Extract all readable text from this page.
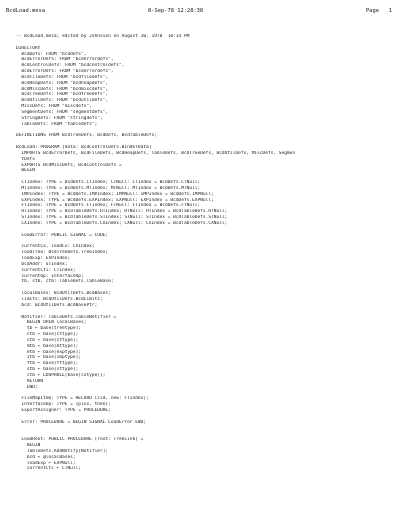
BcdLoad.mesa	8-Sep-78 12:28:38	Page 1
-- BcdLoad.mesa; edited by Johnsson on August 30, 1978  10:14 PM
DIRECTORY
BcdDefs: FROM "bcddefs",
BcdErrorDefs: FROM "bcderrordefs",
BcdControlDefs: FROM "bcdcontroldefs",
BcdErrorDefs: FROM "bcderrordefs",
BcdFileDefs: FROM "bcdfiledefs",
BcdHeapDefs: FROM "bcdheapdefs",
BcdMiscDefs: FROM "bcdmiscdefs",
BcdTreeDefs: FROM "bcdtreedefs",
BcdUtilDefs: FROM "bcdutildefs",
MiscDefs: FROM "miscdefs",
SegmentDefs: FROM "segmentdefs",
StringDefs: FROM "stringdefs",
TableDefs: FROM "tabledefs";
DEFINITIONS FROM BcdTreeDefs, BcdDefs, BcdTableDefs;
BcdLoad: PROGRAM [data: BcdControlDefs.BinderData]
IMPORTS BcdErrorDefs, BcdFileDefs, BcdHeapDefs, TableDefs, BcdTreeDefs, BcdUtilDefs, MiscDefs, Segmen
tDefs
EXPORTS BcdMiscDefs, BcdControlDefs =
BEGIN
CTIndex: TYPE = BcdDefs.CTIndex; CTNull: CTIndex = BcdDefs.CTNull;
MTIndex: TYPE = BcdDefs.MTIndex; MTNull: MTIndex = BcdDefs.MTNull;
IMPIndex: TYPE = BcdDefs.IMPIndex; IMPNull: IMPIndex = BcdDefs.IMPNull;
EXPIndex: TYPE = BcdDefs.EXPIndex; EXPNull: EXPIndex = BcdDefs.EXPNull;
FTIndex: TYPE = BcdDefs.FTIndex; FTNull: FTIndex = BcdDefs.FTNull;
HTIndex: TYPE = BcdTableDefs.HTIndex; HTNull: HTIndex = BcdTableDefs.HTNull;
STIndex: TYPE = BcdTableDefs.STIndex; STNull: STIndex = BcdTableDefs.STNull;
CXIndex: TYPE = BcdTableDefs.CXIndex; CXNull: CXIndex = BcdTableDefs.CXNull;
LoadError: PUBLIC SIGNAL = CODE;
currentCx, loadCx: CXIndex;
loadTree: BcdTreeDefs.TreeIndex;
loadExp: EXPIndex;
bcdAddr: STIndex;
currentCti: CTIndex;
currentOp: InterfaceOp;
tb, stb, ctb: TableDefs.TableBase;
localBases: BcdUtilDefs.BcdBases;
limits: BcdUtilDefs.BcdLimits;
bcd: BcdUtilDefs.BcdBasePtr;
Notifier: TableDefs.TableNotifier =
BEGIN OPEN localBases;
tb ← base[treetype];
ctb ← base[cttype];
ctb ← base[cttype];
mtb ← base[mttype];
etb ← base[exptype];
itb ← base[imptype];
ftb ← base[fttype];
stb ← base[sttype];
ctb ← LOOPHOLE[base[cxtype]];
RETURN
END;
FileMapItem: TYPE = RECORD [cid, new: FTIndex];
InterfaceOp: TYPE = {plus, then};
ExportAssigner: TYPE = PROCEDURE;
Error: PROCEDURE = BEGIN SIGNAL LoadError END;
LoadRoot: PUBLIC PROCEDURE [root: TreeLink] =
BEGIN
TableDefs.AddNotify[Notifier];
bcd ← @localBases;
loadExp ← EXPNull;
currentCti ← CTNull;
